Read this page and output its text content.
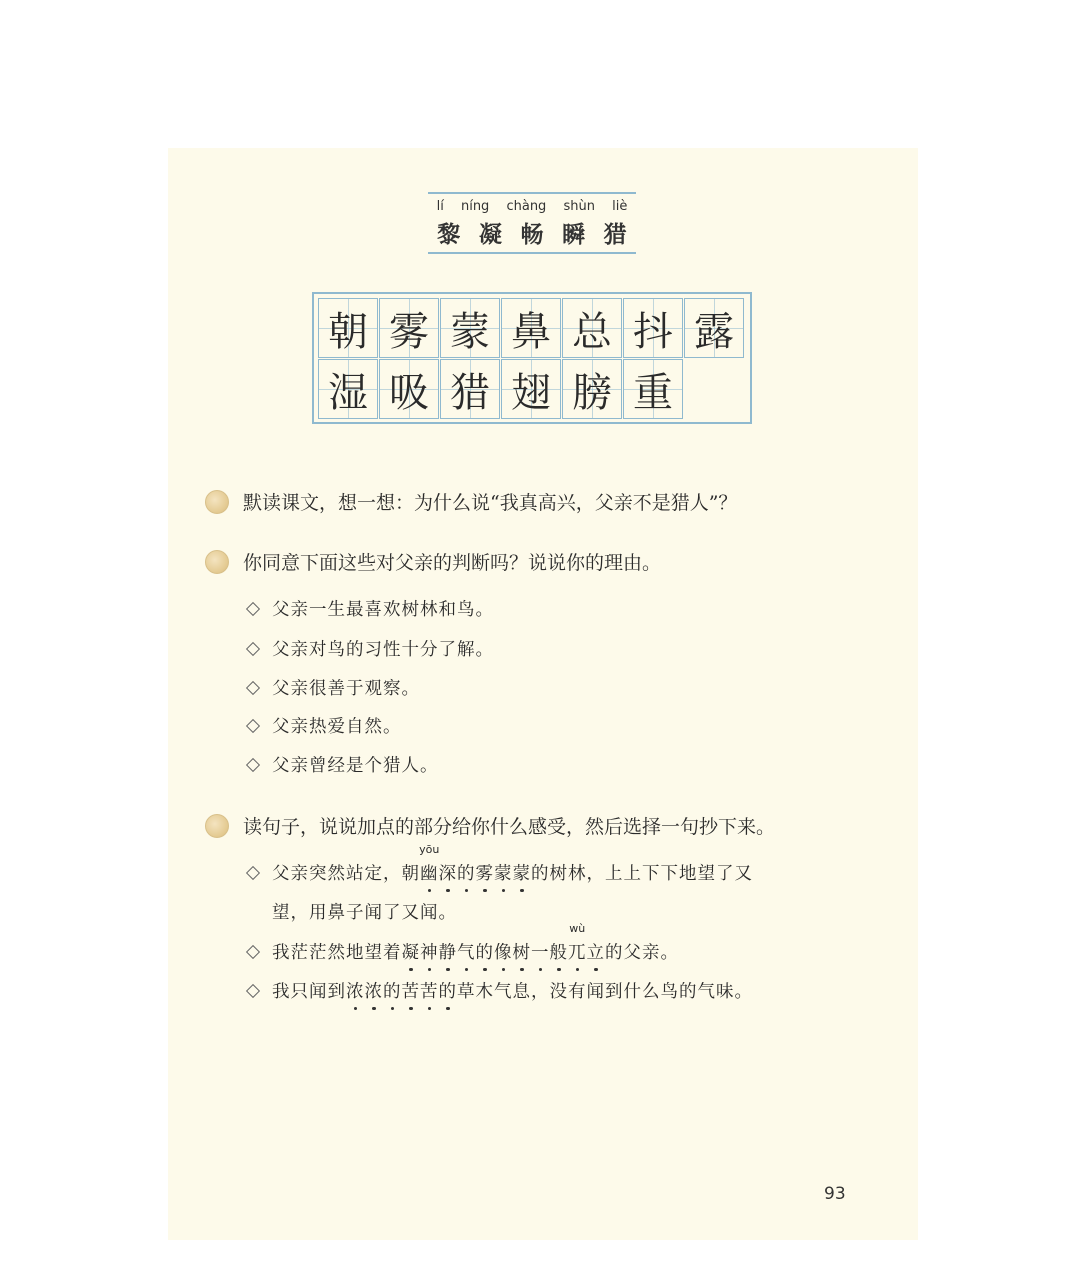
lí níng chàng shùn liè
黎 凝 畅 瞬 猎
朝 雾 蒙 鼻 总 抖 露
湿 吸 猎 翅 膀 重
默读课文，想一想：为什么说“我真高兴，父亲不是猎人”？
你同意下面这些对父亲的判断吗？说说你的理由。
父亲一生最喜欢树林和鸟。
父亲对鸟的习性十分了解。
父亲很善于观察。
父亲热爱自然。
父亲曾经是个猎人。
读句子，说说加点的部分给你什么感受，然后选择一句抄下来。
父亲突然站定，朝
yōu
幽 深 的 雾 蒙 蒙 的树林，上上下下地望了又
望，用鼻子闻了又闻。
我茫茫然地望着 凝 神 静 气 的 像 树 一 般
wù
兀 立 的父亲。
我只闻到 浓 浓 的 苦 苦 的 草木气息，没有闻到什么鸟的气味。
93
